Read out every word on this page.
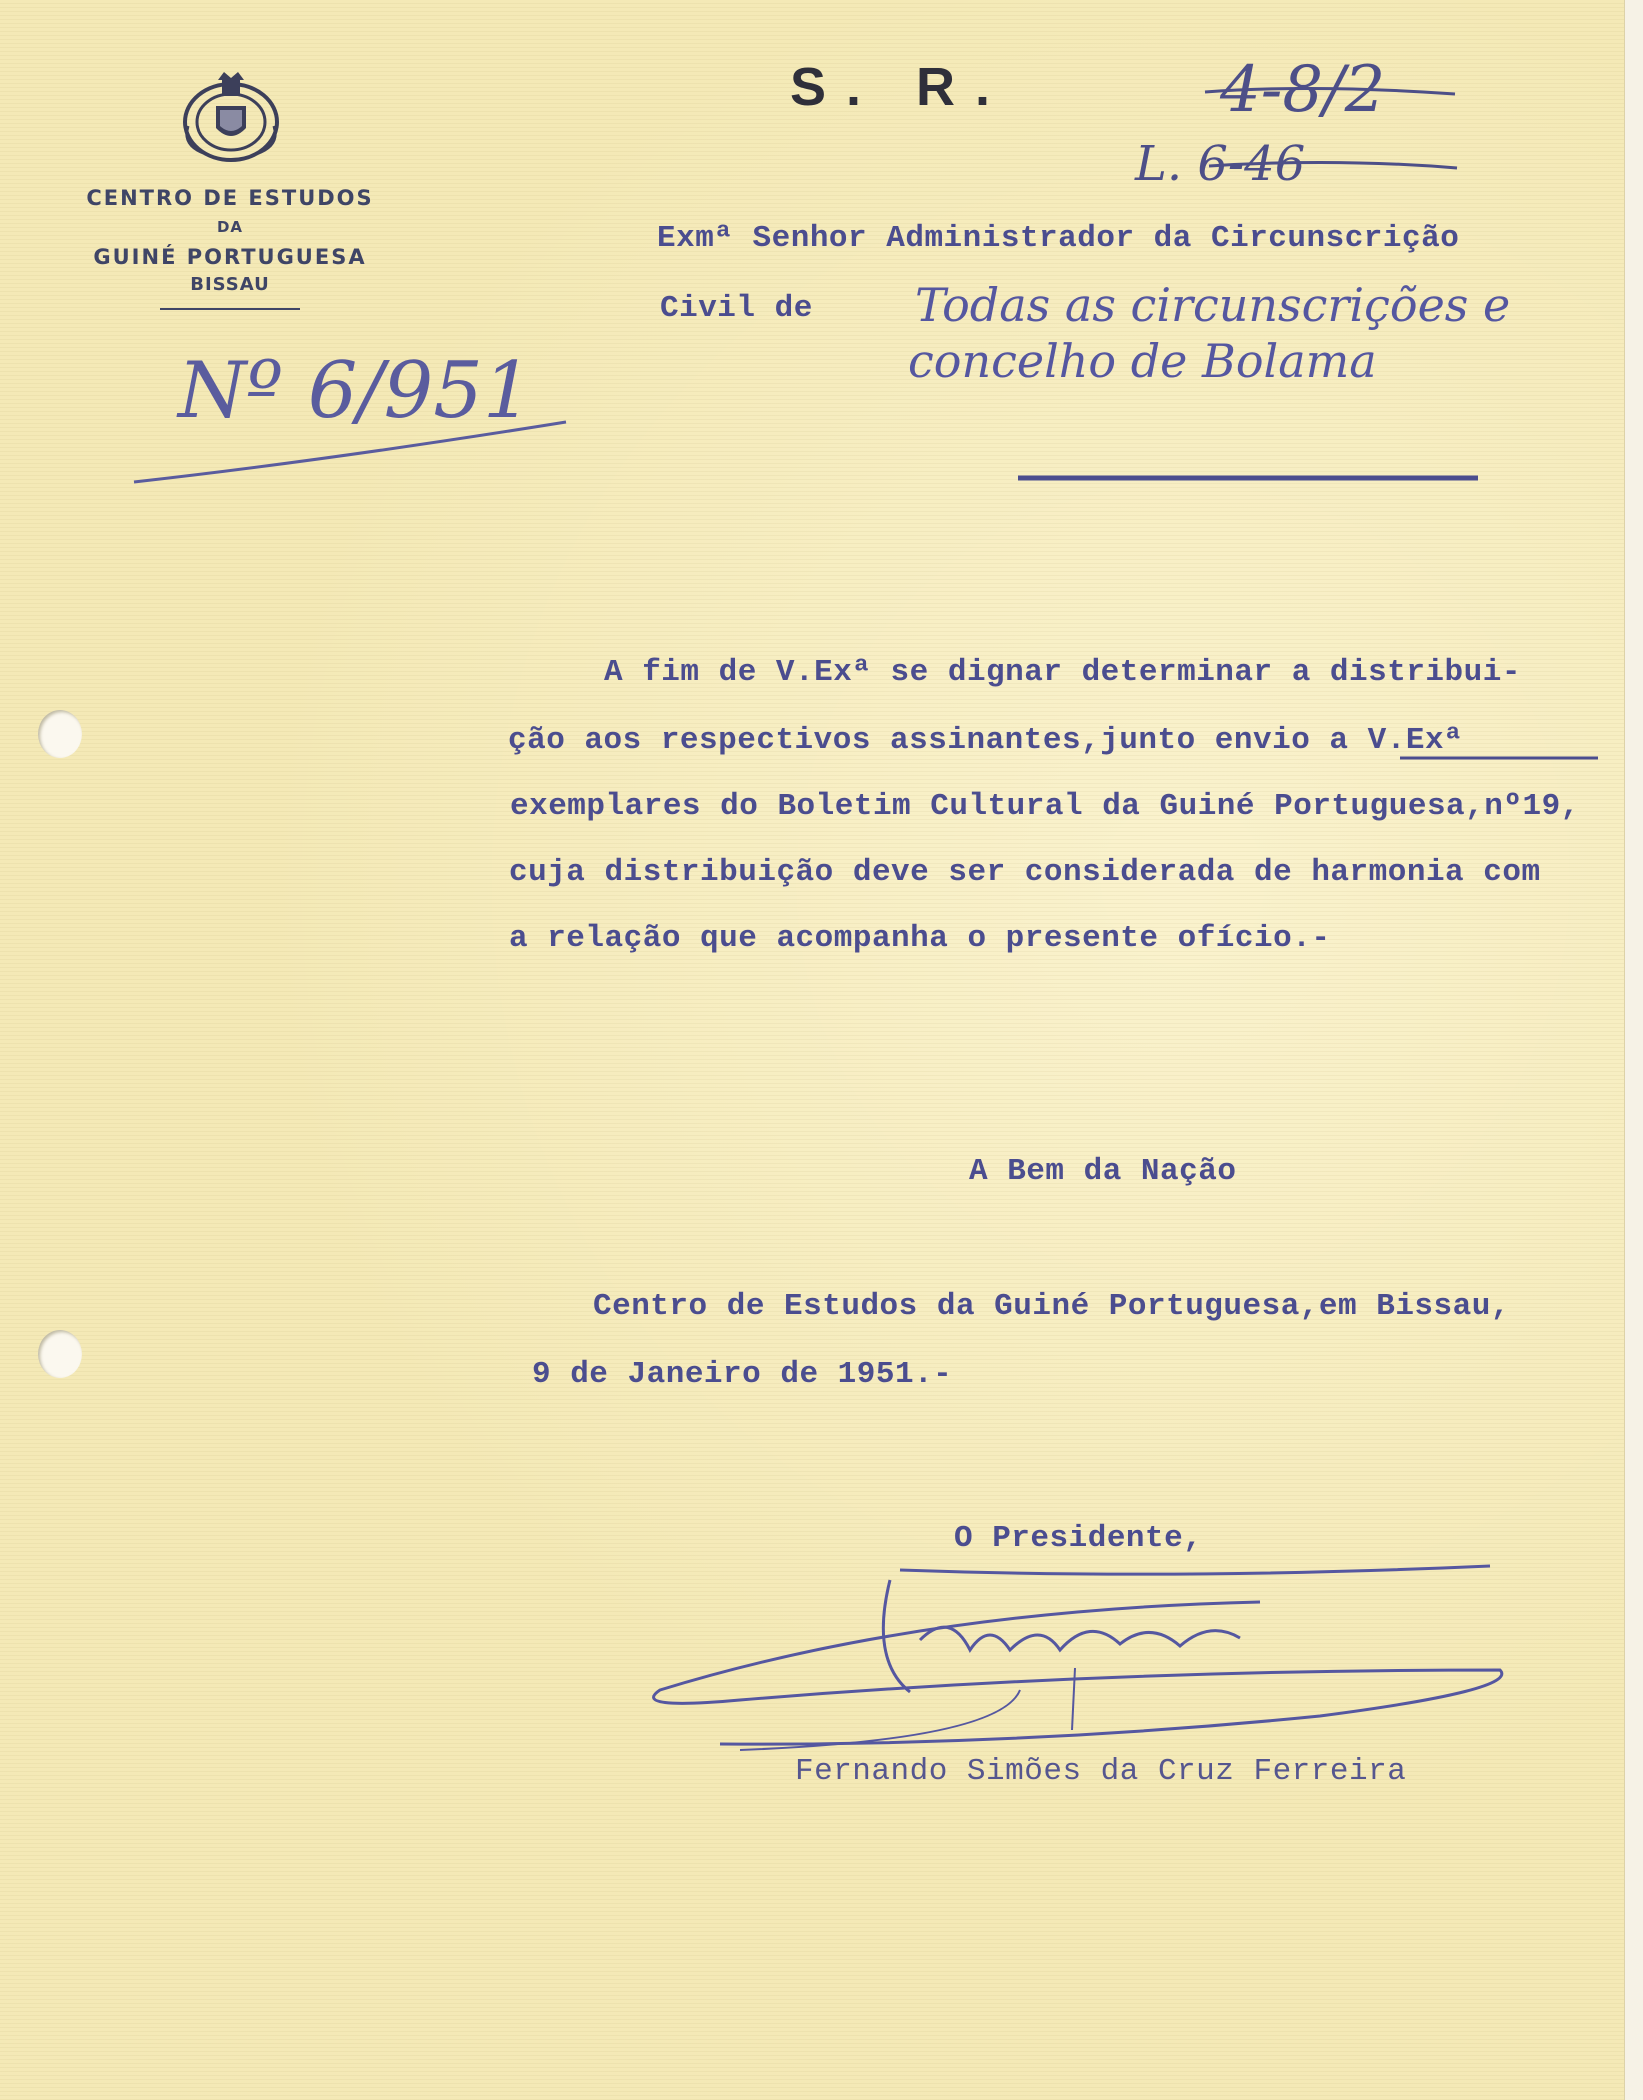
CENTRO DE ESTUDOS
DA
GUINÉ PORTUGUESA
BISSAU
S. R.	4-8/2
L. 6-46
Nº 6/951
Exmª Senhor Administrador da Circunscrição
Civil de Todas as circunscrições e
concelho de Bolama
A fim de V.Exª se dignar determinar a distribui-
ção aos respectivos assinantes,junto envio a V.Exª
exemplares do Boletim Cultural da Guiné Portuguesa,nº19,
cuja distribuição deve ser considerada de harmonia com
a relação que acompanha o presente ofício.-
A Bem da Nação
Centro de Estudos da Guiné Portuguesa,em Bissau,
9 de Janeiro de 1951.-
O Presidente,
Fernando Simões da Cruz Ferreira
